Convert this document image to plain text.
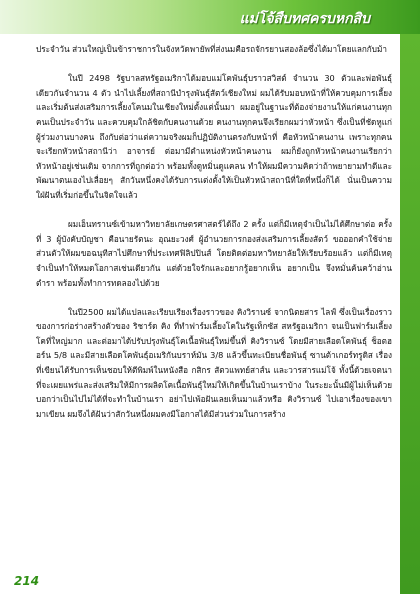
แม่โจ้สืบทศครบหกสิบ

ประจำวัน ส่วนใหญ่เป็นข้าราชการในจังหวัดพายัพที่ส่งนมคือรถจักรยานสองล้อซึ่งได้มาโดยแลกกับม้า

ในปี 2498 รัฐบาลสหรัฐอเมริกาได้มอบแม่โคพันธุ์บราวสวิสต์ จำนวน 30 ตัวและพ่อพันธุ์เดียวกันจำนวน 4 ตัว นำไปเลี้ยงที่สถานีบำรุงพันธุ์สัตว์เชียงใหม่ ผมได้รับมอบหน้าที่ให้ควบคุมการเลี้ยง และเริ่มต้นส่งเสริมการเลี้ยงโคนมในเชียงใหม่ตั้งแต่นั้นมา ผมอยู่ในฐานะที่ต้องจ่ายงานให้แก่คนงานทุกคนเป็นประจำวัน และควบคุมใกล้ชิดกับคนงานด้วย คนงานทุกคนจึงเรียกผมว่าหัวหน้า ซึ่งเป็นที่ชัดหูแก่ผู้ร่วมงานบางคน ถึงกับต่อว่าแต่ความจริงผมก็ปฏิบัติงานตรงกับหน้าที่ คือหัวหน้าคนงาน เพราะทุกคนจะเรียกหัวหน้าสถานีว่า อาจารย์ ต่อมามีตำแหน่งหัวหน้าคนงาน ผมก็ยังถูกหัวหน้าคนงานเรียกว่าหัวหน้าอยู่เช่นเดิม จากการที่ถูกต่อว่า พร้อมทั้งดูหมิ่นดูแคลน ทำให้ผมมีความคิดว่าถ้าพยายามทำดีและพัฒนาตนเองไปเลื่อยๆ สักวันหนึ่งคงได้รับการแต่งตั้งให้เป็นหัวหน้าสถานีที่ใดที่หนึ่งก็ได้ นั่นเป็นความใฝ่ฝันที่เริ่มก่อขึ้นในจิตใจแล้ว

ผมเอ็นทรานซ์เข้ามหาวิทยาลัยเกษตรศาสตร์ได้ถึง 2 ครั้ง แต่ก็มีเหตุจำเป็นไม่ได้ศึกษาต่อ ครั้งที่ 3 ผู้บังคับบัญชา คือนายรัตนะ อุณยะวงศ์ ผู้อำนวยการกองส่งเสริมการเลี้ยงสัตว์ ขอออกคำใช้จ่ายส่วนตัวให้ผมขอฉนุทีสาไปศึกษาที่ประเทศฟิลิปปินส์ โดยติดต่อมหาวิทยาลัยให้เรียบร้อยแล้ว แต่ก็มีเหตุจำเป็นทำให้หมดโอกาสเช่นเดียวกัน แต่ด้วยใจรักและอยากรู้อยากเห็น อยากเป็น จึงหมั่นค้นคว้าอ่านตำรา พร้อมทั้งทำการทดลองไปด้วย

ในปี2500 ผมได้แปลและเรียบเรียงเรื่องราวของ คิงวิรานซ์ จากนิตยสาร ไลฟ์ ซึ่งเป็นเรื่องราวของการก่อร่างสร้างตัวของ ริชาร์ด คิง ที่ทำฟาร์มเลี้ยงโคในรัฐเท็กซัส สหรัฐอเมริกา จนเป็นฟาร์มเลี้ยงโคที่ใหญ่มาก และต่อมาได้ปรับปรุงพันธุ์โคเนื้อพันธุ์ใหม่ขึ้นที่ คิงวิรานซ์ โดยมีสายเลือดโคพันธุ์ ช็อตฮอร์น 5/8 และมีสายเลือดโคพันธุ์อเมริกันบราห์มัน 3/8 แล้วขึ้นทะเบียนชื่อพันธุ์ ซานต้าเกอร์ทรูดิส เรื่องที่เขียนได้รับการเห็นชอบให้ตีพิมพ์ในหนังสือ กสิกร สัตวแพทย์สาส์น และวารสารแม่โจ้ ทั้งนี้ด้วยเจตนาที่จะเผยแพร่และส่งเสริมให้มีการผลิตโคเนื้อพันธุ์ใหม่ให้เกิดขึ้นในบ้านเราบ้าง ในระยะนั้นมีผู้ไม่เห็นด้วยบอกว่าเป็นไปไม่ได้ที่จะทำในบ้านเรา อย่าไปเพ้อฝันเลยเห็นมาแล้วหรือ คิงวิรานซ์ ไปเอาเรื่องของเขามาเขียน ผมจึงได้ฝันว่าสักวันหนึ่งผมคงมีโอกาสได้มีส่วนร่วมในการสร้าง

214
